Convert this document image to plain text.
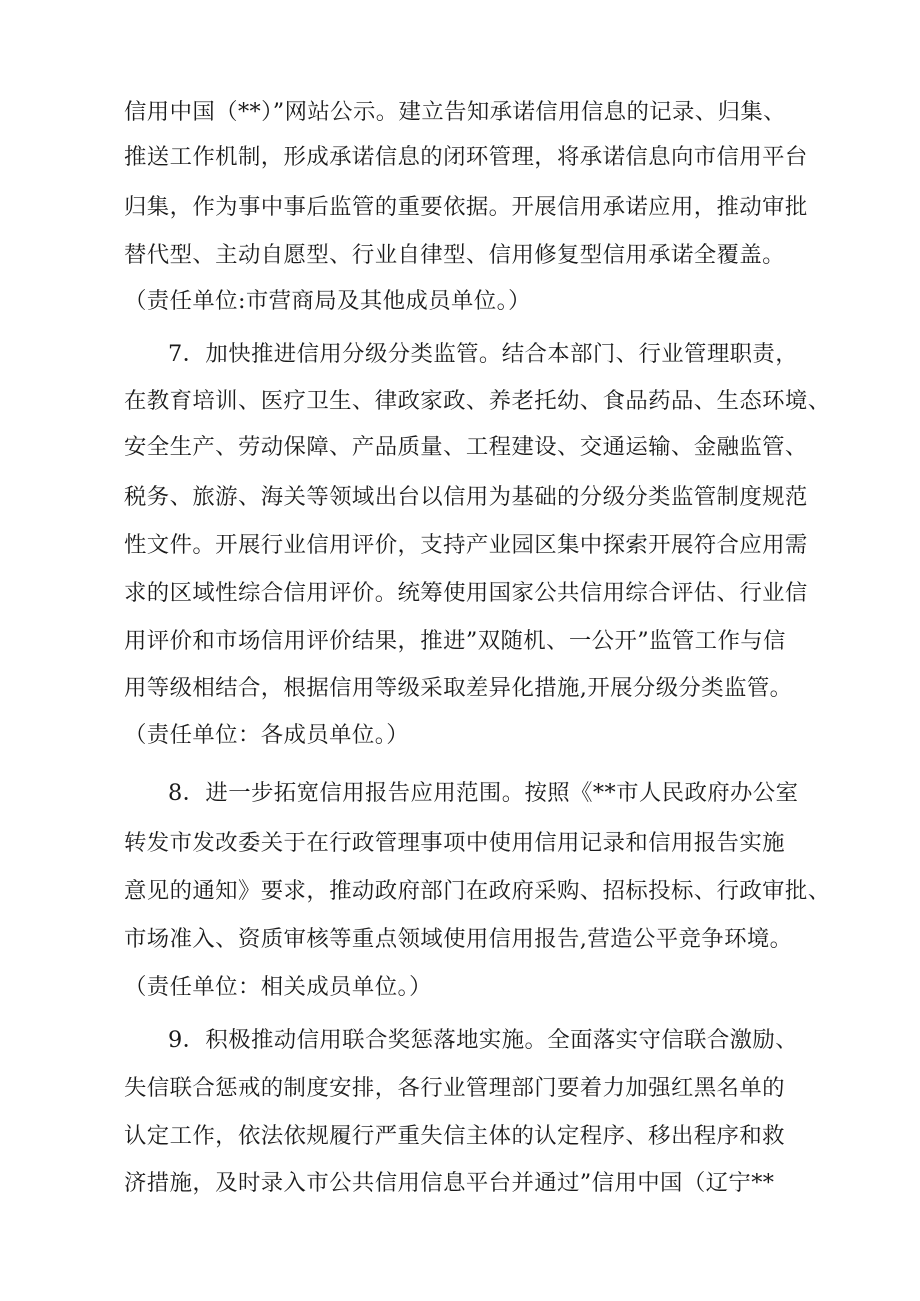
信用中国（**）”网站公示。建立告知承诺信用信息的记录、归集、
推送工作机制，形成承诺信息的闭环管理，将承诺信息向市信用平台
归集，作为事中事后监管的重要依据。开展信用承诺应用，推动审批
替代型、主动自愿型、行业自律型、信用修复型信用承诺全覆盖。
（责任单位:市营商局及其他成员单位。）
7．加快推进信用分级分类监管。结合本部门、行业管理职责，
在教育培训、医疗卫生、律政家政、养老托幼、食品药品、生态环境、
安全生产、劳动保障、产品质量、工程建设、交通运输、金融监管、
税务、旅游、海关等领域出台以信用为基础的分级分类监管制度规范
性文件。开展行业信用评价，支持产业园区集中探索开展符合应用需
求的区域性综合信用评价。统筹使用国家公共信用综合评估、行业信
用评价和市场信用评价结果，推进”双随机、一公开”监管工作与信
用等级相结合，根据信用等级采取差异化措施,开展分级分类监管。
（责任单位：各成员单位。）
8．进一步拓宽信用报告应用范围。按照《**市人民政府办公室
转发市发改委关于在行政管理事项中使用信用记录和信用报告实施
意见的通知》要求，推动政府部门在政府采购、招标投标、行政审批、
市场准入、资质审核等重点领域使用信用报告,营造公平竞争环境。
（责任单位：相关成员单位。）
9．积极推动信用联合奖惩落地实施。全面落实守信联合激励、
失信联合惩戒的制度安排，各行业管理部门要着力加强红黑名单的
认定工作，依法依规履行严重失信主体的认定程序、移出程序和救
济措施，及时录入市公共信用信息平台并通过”信用中国（辽宁**
